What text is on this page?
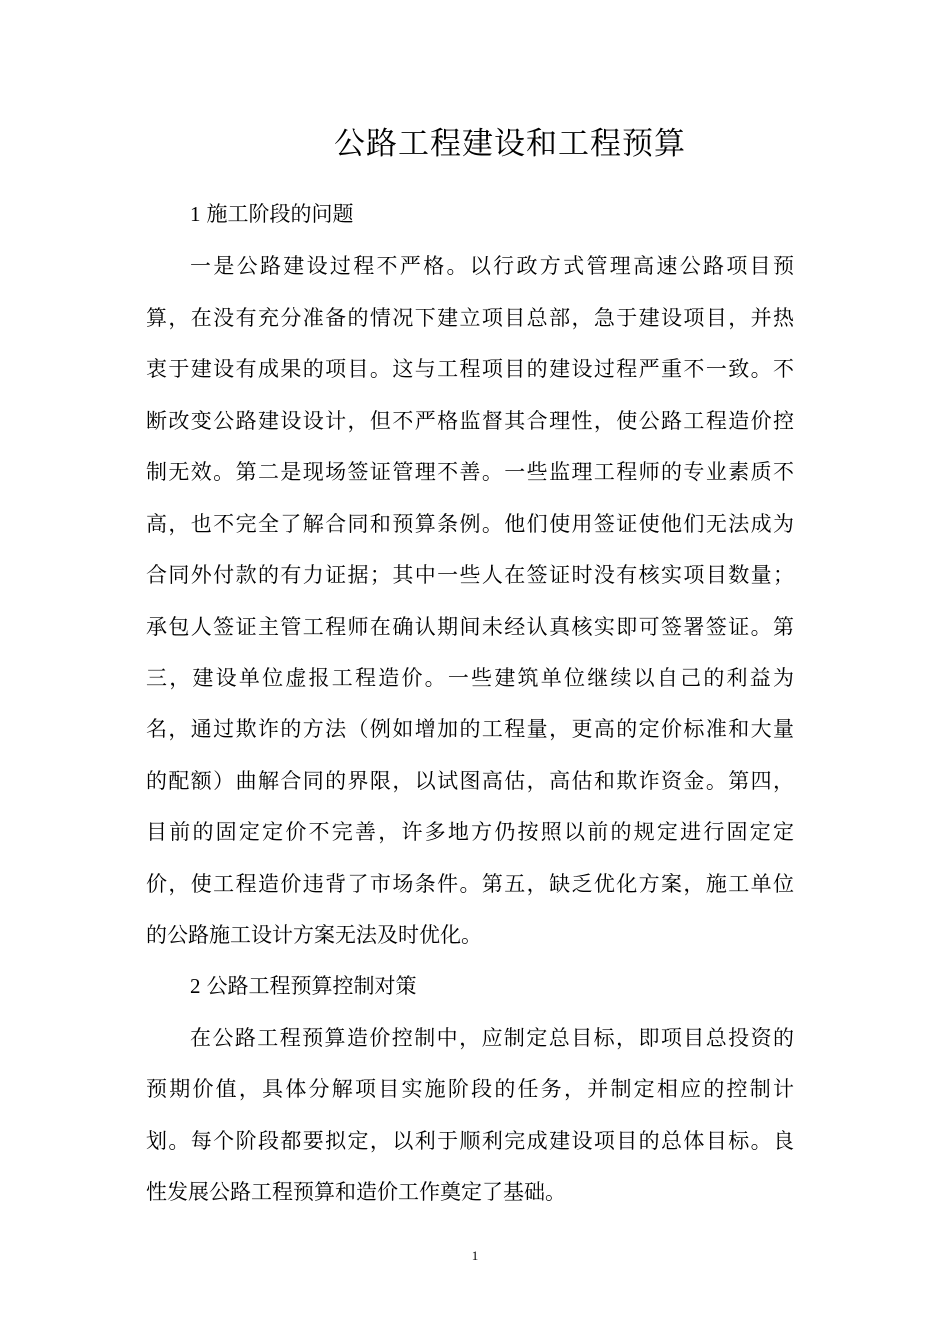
公路工程建设和工程预算
1 施工阶段的问题
一是公路建设过程不严格。以行政方式管理高速公路项目预
算，在没有充分准备的情况下建立项目总部，急于建设项目，并热
衷于建设有成果的项目。这与工程项目的建设过程严重不一致。不
断改变公路建设设计，但不严格监督其合理性，使公路工程造价控
制无效。第二是现场签证管理不善。一些监理工程师的专业素质不
高，也不完全了解合同和预算条例。他们使用签证使他们无法成为
合同外付款的有力证据；其中一些人在签证时没有核实项目数量；
承包人签证主管工程师在确认期间未经认真核实即可签署签证。第
三，建设单位虚报工程造价。一些建筑单位继续以自己的利益为
名，通过欺诈的方法（例如增加的工程量，更高的定价标准和大量
的配额）曲解合同的界限，以试图高估，高估和欺诈资金。第四，
目前的固定定价不完善，许多地方仍按照以前的规定进行固定定
价，使工程造价违背了市场条件。第五，缺乏优化方案，施工单位
的公路施工设计方案无法及时优化。
2 公路工程预算控制对策
在公路工程预算造价控制中，应制定总目标，即项目总投资的
预期价值，具体分解项目实施阶段的任务，并制定相应的控制计
划。每个阶段都要拟定，以利于顺利完成建设项目的总体目标。良
性发展公路工程预算和造价工作奠定了基础。
1
